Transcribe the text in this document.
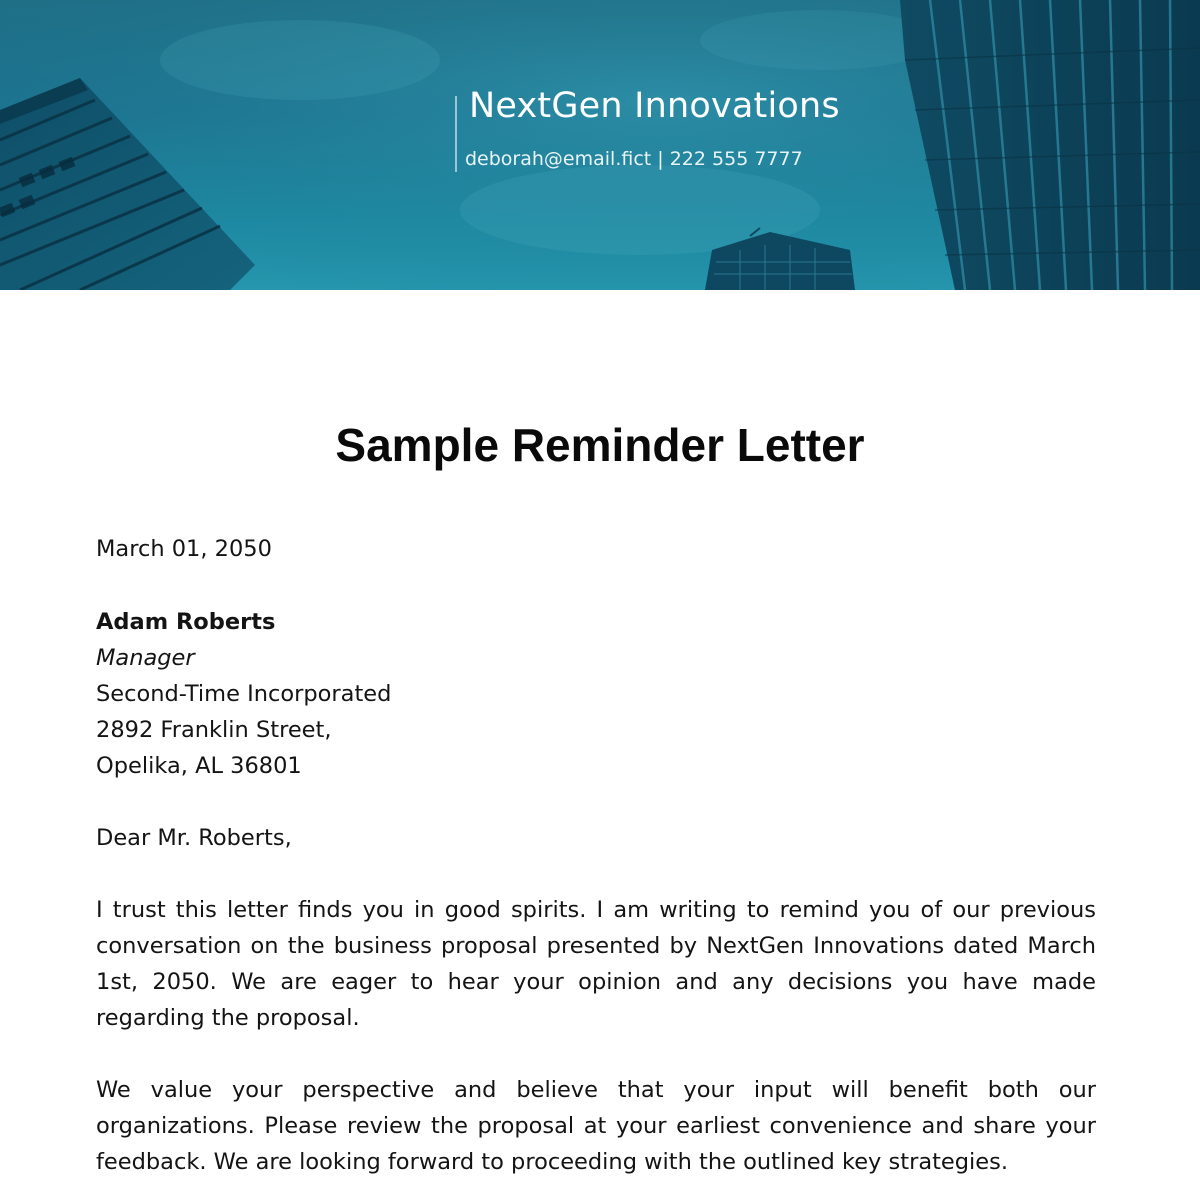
NextGen Innovations
deborah@email.fict | 222 555 7777
Sample Reminder Letter
March 01, 2050
Adam Roberts
Manager
Second-Time Incorporated
2892 Franklin Street,
Opelika, AL 36801
Dear Mr. Roberts,
I trust this letter finds you in good spirits. I am writing to remind you of our previous conversation on the business proposal presented by NextGen Innovations dated March 1st, 2050. We are eager to hear your opinion and any decisions you have made regarding the proposal.
We value your perspective and believe that your input will benefit both our organizations. Please review the proposal at your earliest convenience and share your feedback. We are looking forward to proceeding with the outlined key strategies.
